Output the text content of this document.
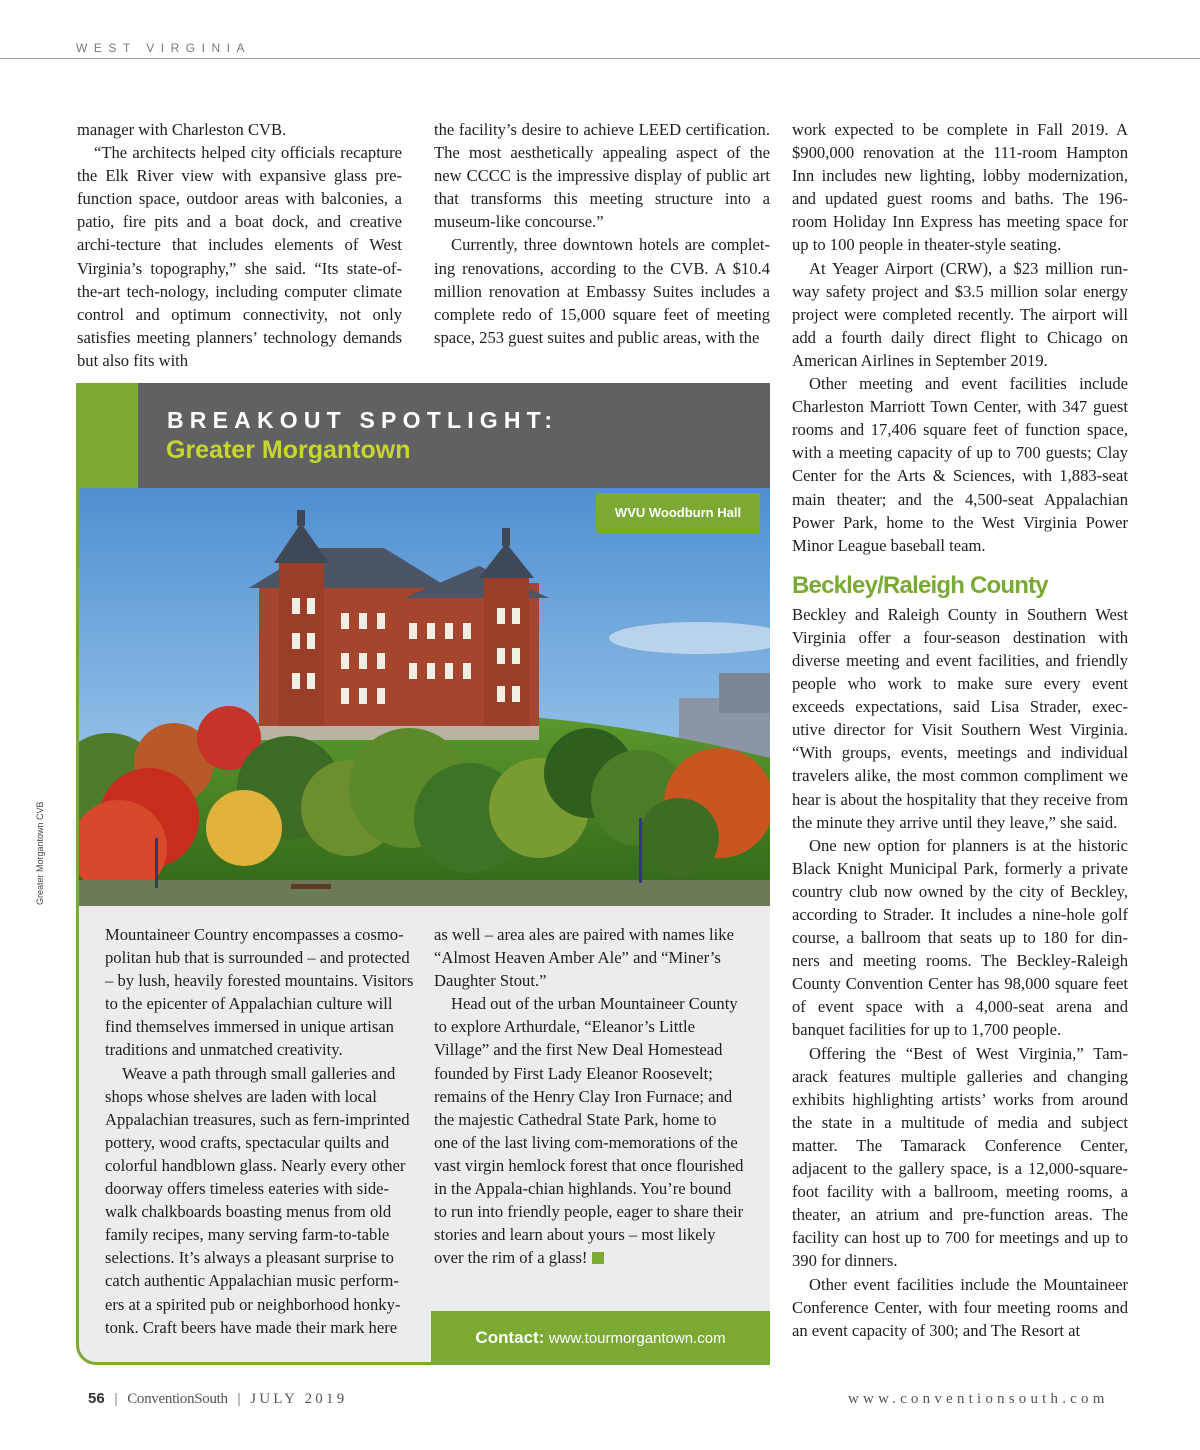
WEST VIRGINIA

manager with Charleston CVB.

“The architects helped city officials recapture the Elk River view with expansive glass pre-function space, outdoor areas with balconies, a patio, fire pits and a boat dock, and creative archi-tecture that includes elements of West Virginia’s topography,” she said. “Its state-of-the-art tech-nology, including computer climate control and optimum connectivity, not only satisfies meeting planners’ technology demands but also fits with

the facility’s desire to achieve LEED certification. The most aesthetically appealing aspect of the new CCCC is the impressive display of public art that transforms this meeting structure into a museum-like concourse.”

Currently, three downtown hotels are complet-ing renovations, according to the CVB. A $10.4 million renovation at Embassy Suites includes a complete redo of 15,000 square feet of meeting space, 253 guest suites and public areas, with the

work expected to be complete in Fall 2019. A $900,000 renovation at the 111-room Hampton Inn includes new lighting, lobby modernization, and updated guest rooms and baths. The 196-room Holiday Inn Express has meeting space for up to 100 people in theater-style seating.

At Yeager Airport (CRW), a $23 million run-way safety project and $3.5 million solar energy project were completed recently. The airport will add a fourth daily direct flight to Chicago on American Airlines in September 2019.

Other meeting and event facilities include Charleston Marriott Town Center, with 347 guest rooms and 17,406 square feet of function space, with a meeting capacity of up to 700 guests; Clay Center for the Arts & Sciences, with 1,883-seat main theater; and the 4,500-seat Appalachian Power Park, home to the West Virginia Power Minor League baseball team.

Beckley/Raleigh County

Beckley and Raleigh County in Southern West Virginia offer a four-season destination with diverse meeting and event facilities, and friendly people who work to make sure every event exceeds expectations, said Lisa Strader, exec-utive director for Visit Southern West Virginia. “With groups, events, meetings and individual travelers alike, the most common compliment we hear is about the hospitality that they receive from the minute they arrive until they leave,” she said.

One new option for planners is at the historic Black Knight Municipal Park, formerly a private country club now owned by the city of Beckley, according to Strader. It includes a nine-hole golf course, a ballroom that seats up to 180 for din-ners and meeting rooms. The Beckley-Raleigh County Convention Center has 98,000 square feet of event space with a 4,000-seat arena and banquet facilities for up to 1,700 people.

Offering the “Best of West Virginia,” Tam-arack features multiple galleries and changing exhibits highlighting artists’ works from around the state in a multitude of media and subject matter. The Tamarack Conference Center, adjacent to the gallery space, is a 12,000-square-foot facility with a ballroom, meeting rooms, a theater, an atrium and pre-function areas. The facility can host up to 700 for meetings and up to 390 for dinners.

Other event facilities include the Mountaineer Conference Center, with four meeting rooms and an event capacity of 300; and The Resort at

BREAKOUT SPOTLIGHT:
Greater Morgantown
WVU Woodburn Hall
Greater Morgantown CVB

Mountaineer Country encompasses a cosmo-politan hub that is surrounded – and protected – by lush, heavily forested mountains. Visitors to the epicenter of Appalachian culture will find themselves immersed in unique artisan traditions and unmatched creativity.

Weave a path through small galleries and shops whose shelves are laden with local Appalachian treasures, such as fern-imprinted pottery, wood crafts, spectacular quilts and colorful handblown glass. Nearly every other doorway offers timeless eateries with side-walk chalkboards boasting menus from old family recipes, many serving farm-to-table selections. It’s always a pleasant surprise to catch authentic Appalachian music perform-ers at a spirited pub or neighborhood honky-tonk. Craft beers have made their mark here

as well – area ales are paired with names like “Almost Heaven Amber Ale” and “Miner’s Daughter Stout.”

Head out of the urban Mountaineer County to explore Arthurdale, “Eleanor’s Little Village” and the first New Deal Homestead founded by First Lady Eleanor Roosevelt; remains of the Henry Clay Iron Furnace; and the majestic Cathedral State Park, home to one of the last living com-memorations of the vast virgin hemlock forest that once flourished in the Appala-chian highlands. You’re bound to run into friendly people, eager to share their stories and learn about yours – most likely over the rim of a glass!

Contact: www.tourmorgantown.com
56 | ConventionSouth | JULY 2019	www.conventionsouth.com
